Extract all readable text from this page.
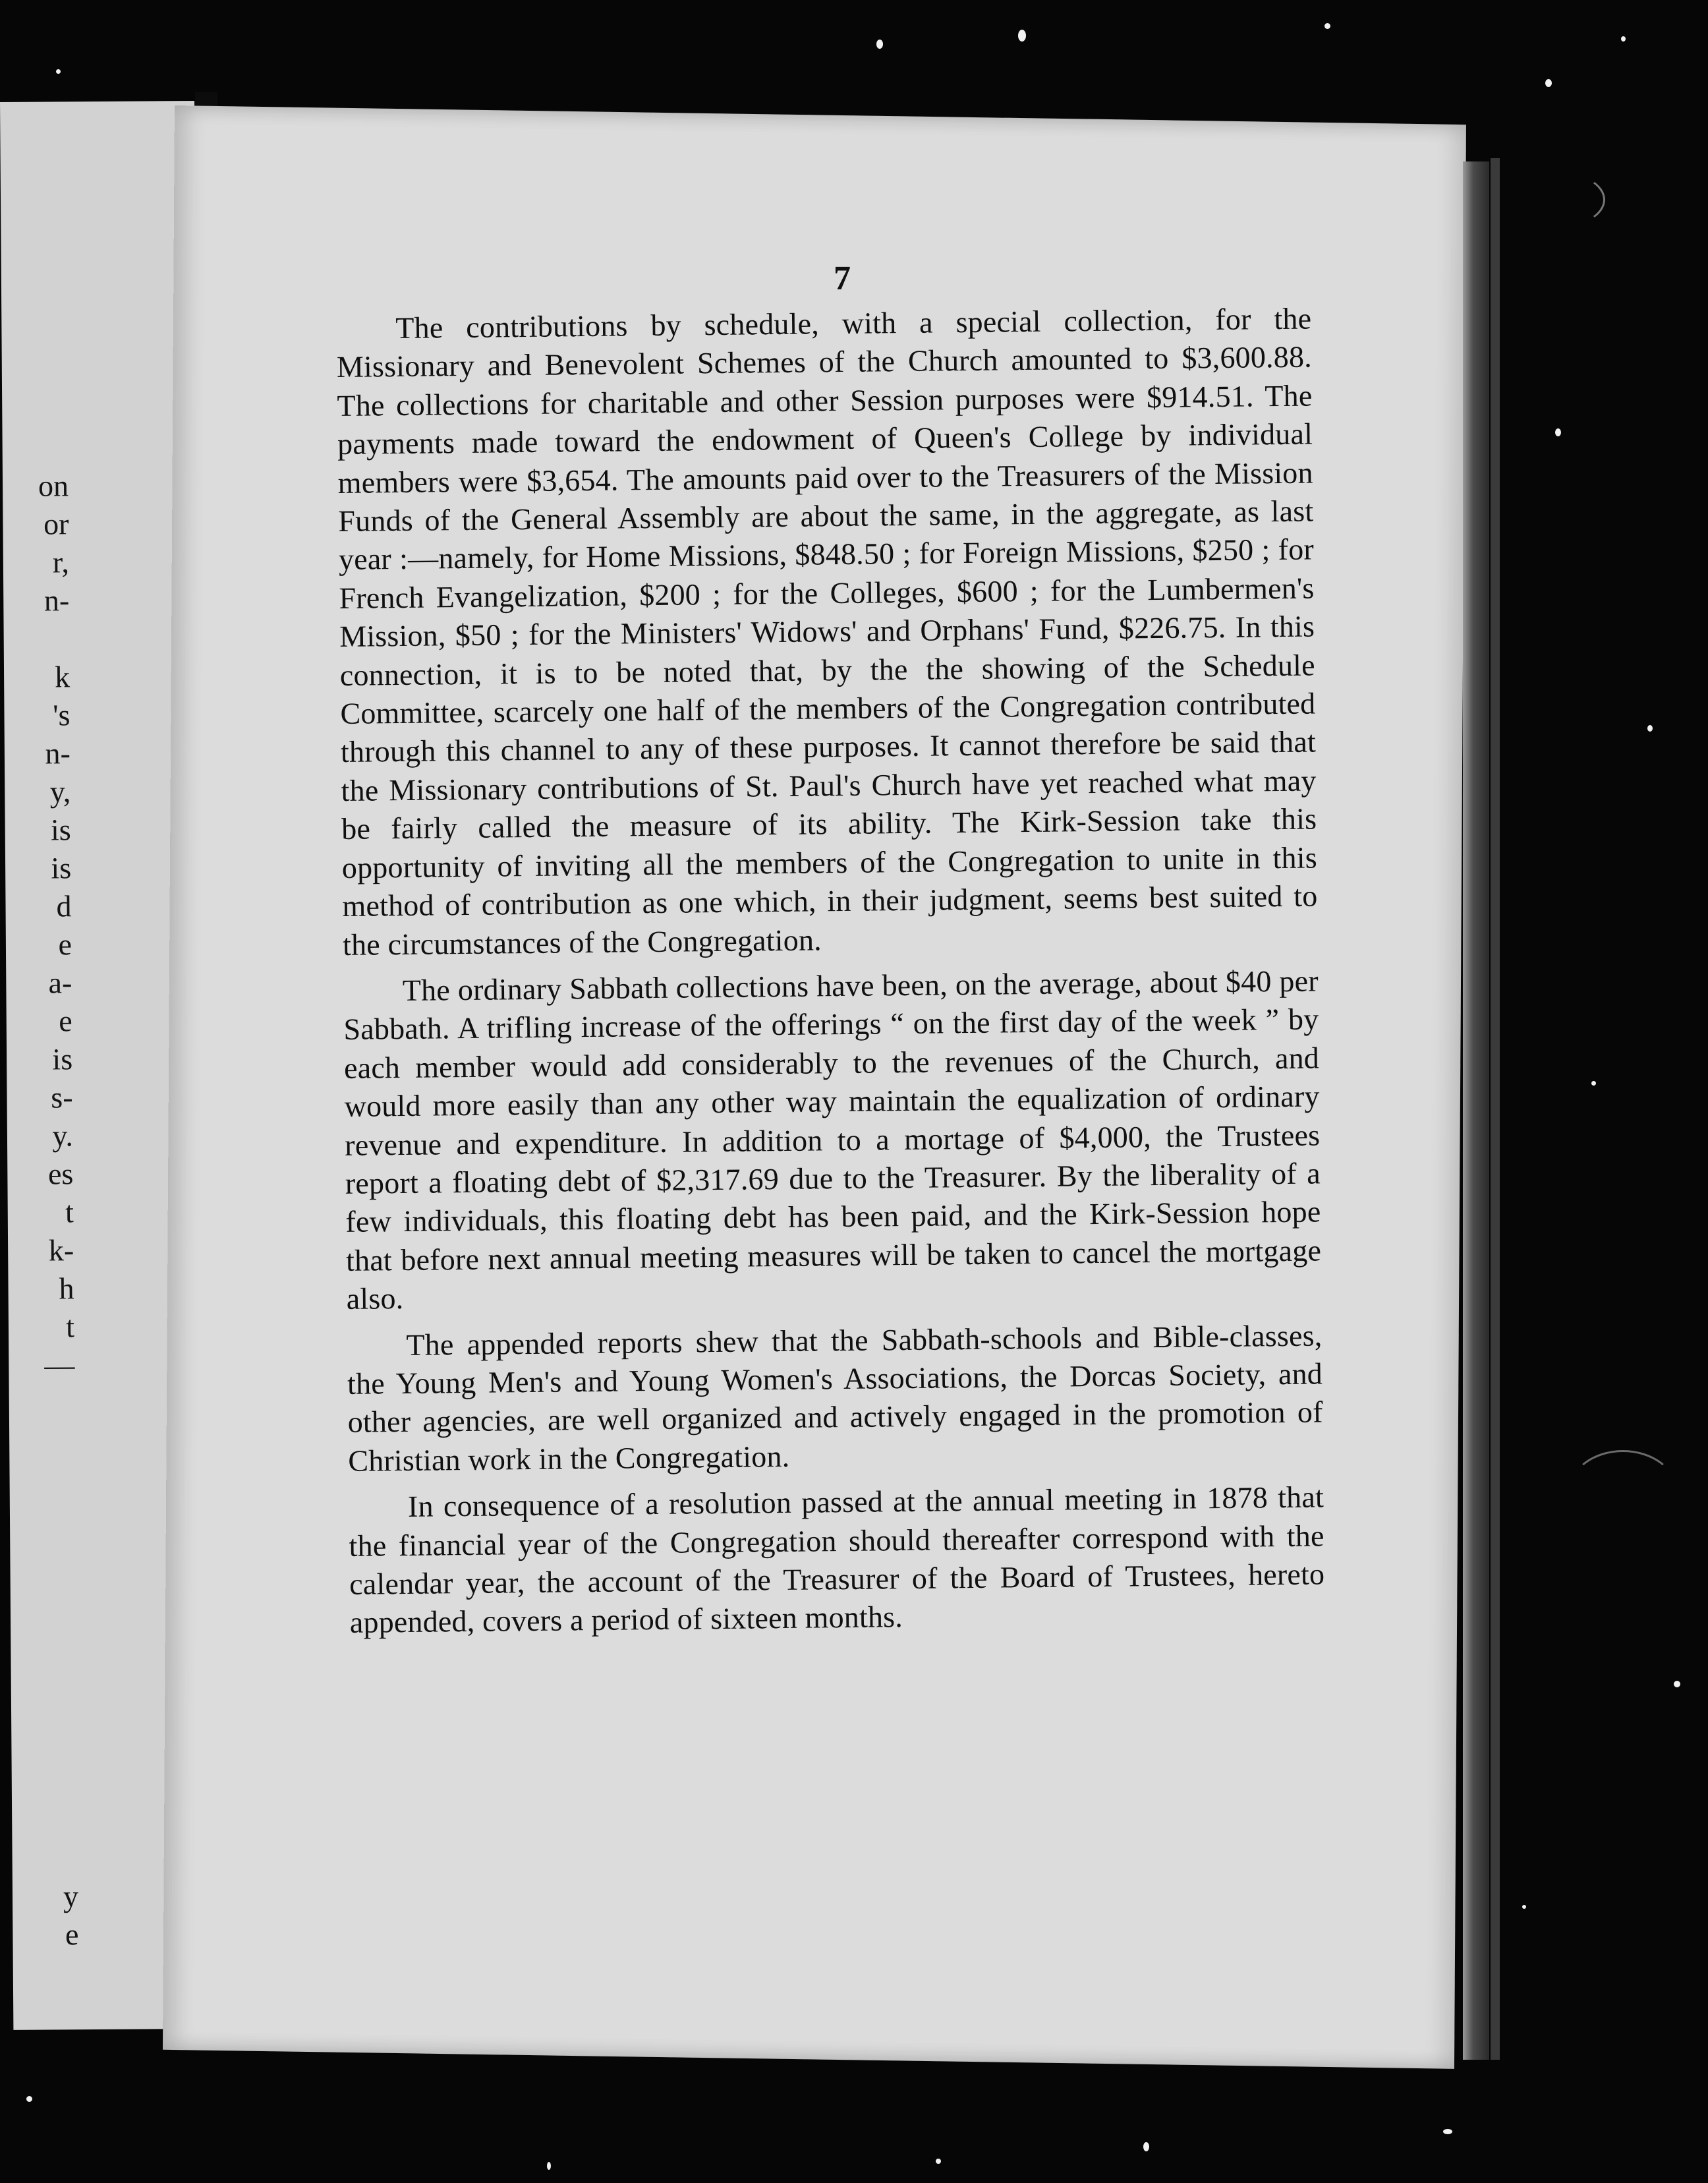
on
or
r,
n-
k
's
n-
y,
is
is
d
e
a-
e
is
s-
y.
es
t
k-
h
t
—
y
e
7

The contributions by schedule, with a special collection, for the Missionary and Benevolent Schemes of the Church amounted to $3,600.88. The collections for charitable and other Session purposes were $914.51. The payments made toward the endowment of Queen's College by individual members were $3,654. The amounts paid over to the Treasurers of the Mission Funds of the General Assembly are about the same, in the aggregate, as last year :—namely, for Home Missions, $848.50 ; for Foreign Missions, $250 ; for French Evangelization, $200 ; for the Colleges, $600 ; for the Lumbermen's Mission, $50 ; for the Ministers' Widows' and Orphans' Fund, $226.75. In this connection, it is to be noted that, by the the showing of the Schedule Committee, scarcely one half of the members of the Congregation contributed through this channel to any of these purposes. It cannot therefore be said that the Missionary contributions of St. Paul's Church have yet reached what may be fairly called the measure of its ability. The Kirk-Session take this opportunity of inviting all the members of the Congregation to unite in this method of contribution as one which, in their judgment, seems best suited to the circumstances of the Congregation.

The ordinary Sabbath collections have been, on the average, about $40 per Sabbath. A trifling increase of the offerings “ on the first day of the week ” by each member would add considerably to the revenues of the Church, and would more easily than any other way maintain the equalization of ordinary revenue and expenditure. In addition to a mortage of $4,000, the Trustees report a floating debt of $2,317.69 due to the Treasurer. By the liberality of a few individuals, this floating debt has been paid, and the Kirk-Session hope that before next annual meeting measures will be taken to cancel the mortgage also.

The appended reports shew that the Sabbath-schools and Bible-classes, the Young Men's and Young Women's Associations, the Dorcas Society, and other agencies, are well organized and actively engaged in the promotion of Christian work in the Congregation.

In consequence of a resolution passed at the annual meeting in 1878 that the financial year of the Congregation should thereafter correspond with the calendar year, the account of the Treasurer of the Board of Trustees, hereto appended, covers a period of sixteen months.
